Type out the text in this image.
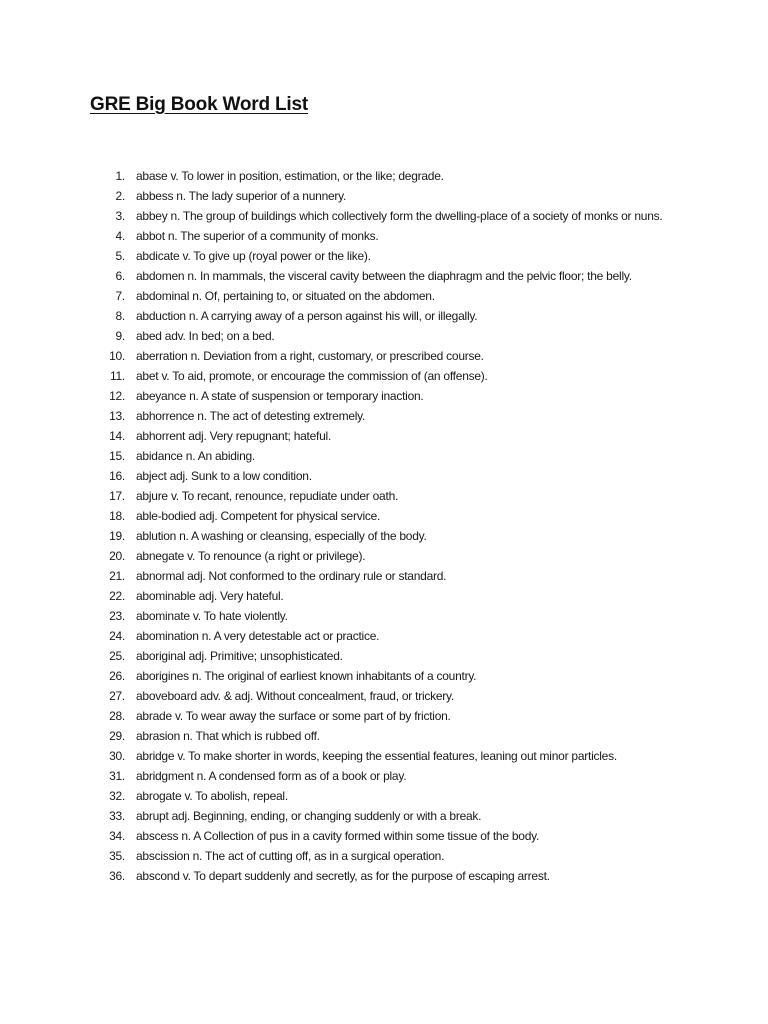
GRE Big Book Word List
1. abase v. To lower in position, estimation, or the like; degrade.
2. abbess n. The lady superior of a nunnery.
3. abbey n. The group of buildings which collectively form the dwelling-place of a society of monks or nuns.
4. abbot n. The superior of a community of monks.
5. abdicate v. To give up (royal power or the like).
6. abdomen n. In mammals, the visceral cavity between the diaphragm and the pelvic floor; the belly.
7. abdominal n. Of, pertaining to, or situated on the abdomen.
8. abduction n. A carrying away of a person against his will, or illegally.
9. abed adv. In bed; on a bed.
10. aberration n. Deviation from a right, customary, or prescribed course.
11. abet v. To aid, promote, or encourage the commission of (an offense).
12. abeyance n. A state of suspension or temporary inaction.
13. abhorrence n. The act of detesting extremely.
14. abhorrent adj. Very repugnant; hateful.
15. abidance n. An abiding.
16. abject adj. Sunk to a low condition.
17. abjure v. To recant, renounce, repudiate under oath.
18. able-bodied adj. Competent for physical service.
19. ablution n. A washing or cleansing, especially of the body.
20. abnegate v. To renounce (a right or privilege).
21. abnormal adj. Not conformed to the ordinary rule or standard.
22. abominable adj. Very hateful.
23. abominate v. To hate violently.
24. abomination n. A very detestable act or practice.
25. aboriginal adj. Primitive; unsophisticated.
26. aborigines n. The original of earliest known inhabitants of a country.
27. aboveboard adv. & adj. Without concealment, fraud, or trickery.
28. abrade v. To wear away the surface or some part of by friction.
29. abrasion n. That which is rubbed off.
30. abridge v. To make shorter in words, keeping the essential features, leaning out minor particles.
31. abridgment n. A condensed form as of a book or play.
32. abrogate v. To abolish, repeal.
33. abrupt adj. Beginning, ending, or changing suddenly or with a break.
34. abscess n. A Collection of pus in a cavity formed within some tissue of the body.
35. abscission n. The act of cutting off, as in a surgical operation.
36. abscond v. To depart suddenly and secretly, as for the purpose of escaping arrest.
